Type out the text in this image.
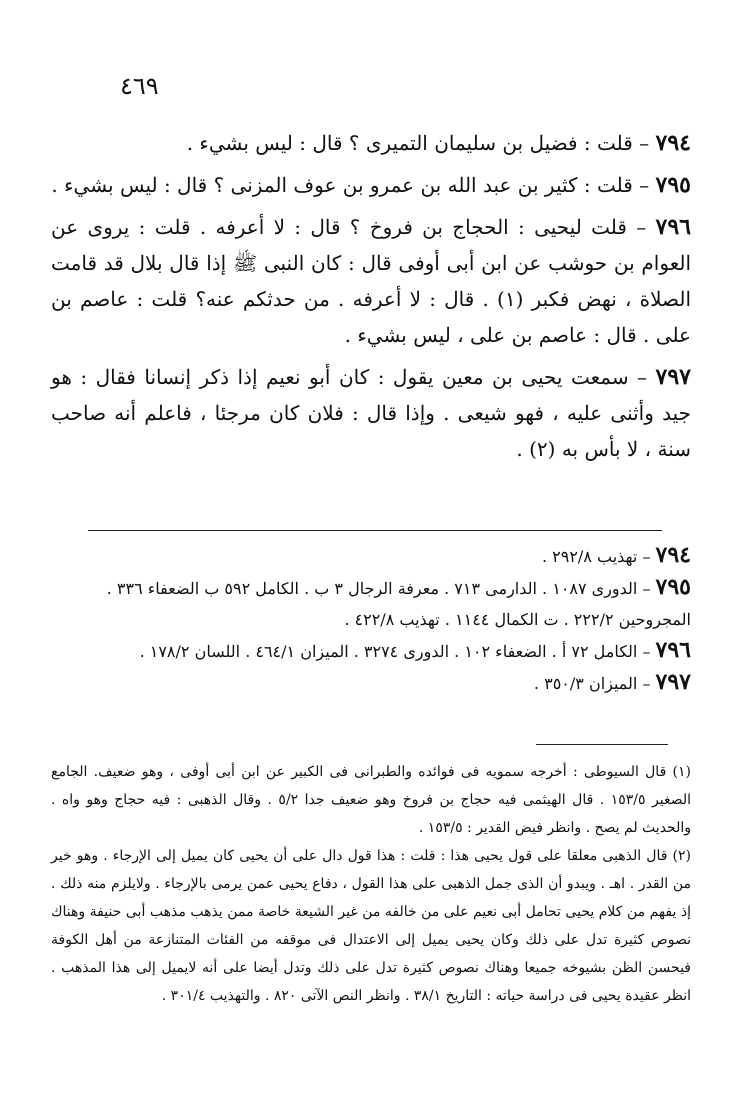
٤٦٩

٧٩٤ – قلت : فضيل بن سليمان التميرى ؟ قال : ليس بشيء .

٧٩٥ – قلت : كثير بن عبد الله بن عمرو بن عوف المزنى ؟ قال : ليس بشيء .

٧٩٦ – قلت ليحيى : الحجاج بن فروخ ؟ قال : لا أعرفه . قلت : يروى عن العوام بن حوشب عن ابن أبى أوفى قال : كان النبى ﷺ إذا قال بلال قد قامت الصلاة ، نهض فكبر (١) . قال : لا أعرفه . من حدثكم عنه؟ قلت : عاصم بن على . قال : عاصم بن على ، ليس بشيء .

٧٩٧ – سمعت يحيى بن معين يقول : كان أبو نعيم إذا ذكر إنسانا فقال : هو جيد وأثنى عليه ، فهو شيعى . وإذا قال : فلان كان مرجئا ، فاعلم أنه صاحب سنة ، لا بأس به (٢) .

٧٩٤ – تهذيب ٢٩٢/٨ .

٧٩٥ – الدورى ١٠٨٧ . الدارمى ٧١٣ . معرفة الرجال ٣ ب . الكامل ٥٩٢ ب الضعفاء ٣٣٦ . المجروحين ٢٢٢/٢ . ت الكمال ١١٤٤ . تهذيب ٤٢٢/٨ .

٧٩٦ – الكامل ٧٢ أ . الضعفاء ١٠٢ . الدورى ٣٢٧٤ . الميزان ٤٦٤/١ . اللسان ١٧٨/٢ .

٧٩٧ – الميزان ٣٥٠/٣ .

(١) قال السيوطى : أخرجه سمويه فى فوائده والطبرانى فى الكبير عن ابن أبى أوفى ، وهو ضعيف. الجامع الصغير ١٥٣/٥ . قال الهيثمى فيه حجاج بن فروخ وهو ضعيف جدا ٥/٢ . وقال الذهبى : فيه حجاج وهو واه . والحديث لم يصح . وانظر فيض القدير : ١٥٣/٥ .

(٢) قال الذهبى معلقا على قول يحيى هذا : قلت : هذا قول دال على أن يحيى كان يميل إلى الإرجاء . وهو خير من القدر . اهـ . ويبدو أن الذى جمل الذهبى على هذا القول ، دفاع يحيى عمن يرمى بالإرجاء . ولايلزم منه ذلك . إذ يفهم من كلام يحيى تحامل أبى نعيم على من خالفه من غير الشيعة خاصة ممن يذهب مذهب أبى حنيفة وهناك نصوص كثيرة تدل على ذلك وكان يحيى يميل إلى الاعتدال فى موقفه من الفئات المتنازعة من أهل الكوفة فيحسن الظن بشيوخه جميعا وهناك نصوص كثيرة تدل على ذلك وتدل أيضا على أنه لايميل إلى هذا المذهب . انظر عقيدة يحيى فى دراسة حياته : التاريخ ٣٨/١ . وانظر النص الآتى ٨٢٠ . والتهذيب ٣٠١/٤ .
